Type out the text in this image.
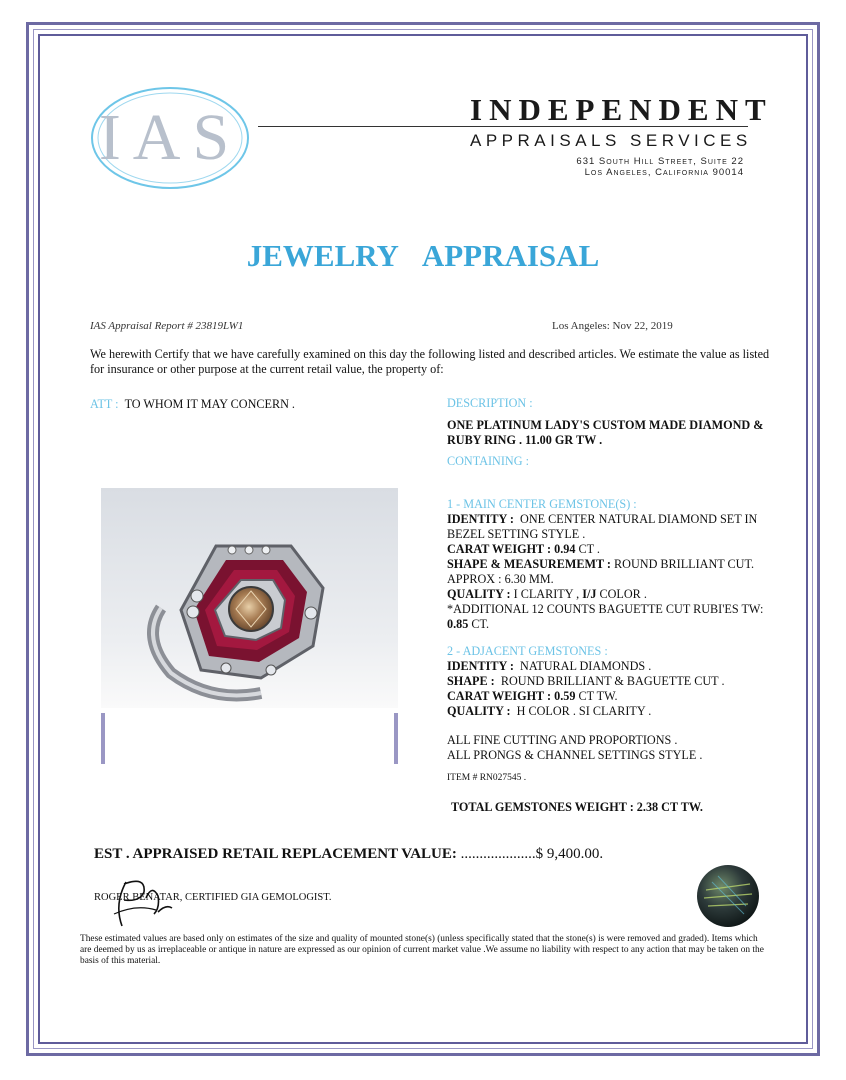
IAS	INDEPENDENT
APPRAISALS SERVICES
631 South Hill Street, Suite 22
Los Angeles, California 90014
JEWELRY APPRAISAL
IAS Appraisal Report # 23819LW1	Los Angeles: Nov 22, 2019
We herewith Certify that we have carefully examined on this day the following listed and described articles. We estimate the value as listed for insurance or other purpose at the current retail value, the property of:
ATT : TO WHOM IT MAY CONCERN .	DESCRIPTION :
ONE PLATINUM LADY'S CUSTOM MADE DIAMOND & RUBY RING . 11.00 GR TW .
CONTAINING :
1 - MAIN CENTER GEMSTONE(S) :
IDENTITY : ONE CENTER NATURAL DIAMOND SET IN BEZEL SETTING STYLE .
CARAT WEIGHT : 0.94 CT .
SHAPE & MEASUREMEMT : ROUND BRILLIANT CUT. APPROX : 6.30 MM.
QUALITY : I CLARITY , I/J COLOR .
*ADDITIONAL 12 COUNTS BAGUETTE CUT RUBI'ES TW: 0.85 CT.
2 - ADJACENT GEMSTONES :
IDENTITY : NATURAL DIAMONDS .
SHAPE : ROUND BRILLIANT & BAGUETTE CUT .
CARAT WEIGHT : 0.59 CT TW.
QUALITY : H COLOR . SI CLARITY .
ALL FINE CUTTING AND PROPORTIONS .
ALL PRONGS & CHANNEL SETTINGS STYLE .
ITEM # RN027545 .
TOTAL GEMSTONES WEIGHT : 2.38 CT TW.
EST . APPRAISED RETAIL REPLACEMENT VALUE: ....................$ 9,400.00.
ROGER BENATAR, CERTIFIED GIA GEMOLOGIST.
These estimated values are based only on estimates of the size and quality of mounted stone(s) (unless specifically stated that the stone(s) is were removed and graded). Items which are deemed by us as irreplaceable or antique in nature are expressed as our opinion of current market value .We assume no liability with respect to any action that may be taken on the basis of this material.
